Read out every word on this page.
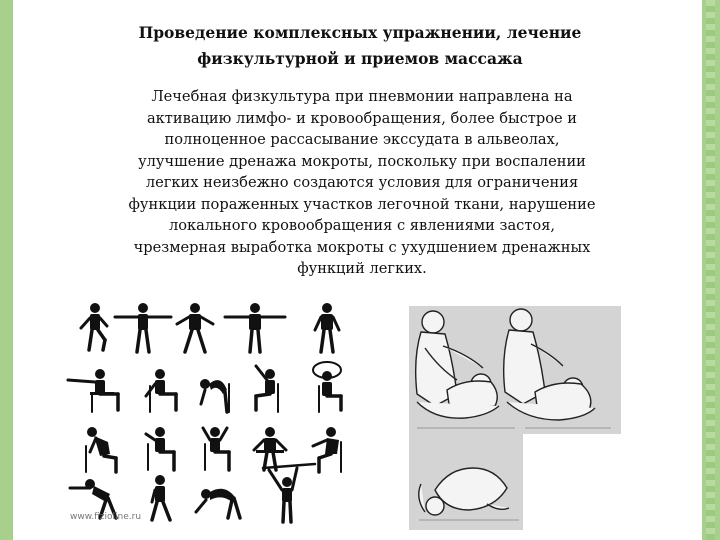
Проведение комплексных упражнении, лечение
физкультурной и приемов массажа
Лечебная физкультура при пневмонии направлена на
активацию лимфо- и кровообращения, более быстрое и
полноценное рассасывание экссудата в альвеолах,
улучшение дренажа мокроты, поскольку при воспалении
легких неизбежно создаются условия для ограничения
функции пораженных участков легочной ткани, нарушение
локального кровообращения с явлениями застоя,
чрезмерная выработка мокроты с ухудшением дренажных
функций легких.
www.fizioline.ru
